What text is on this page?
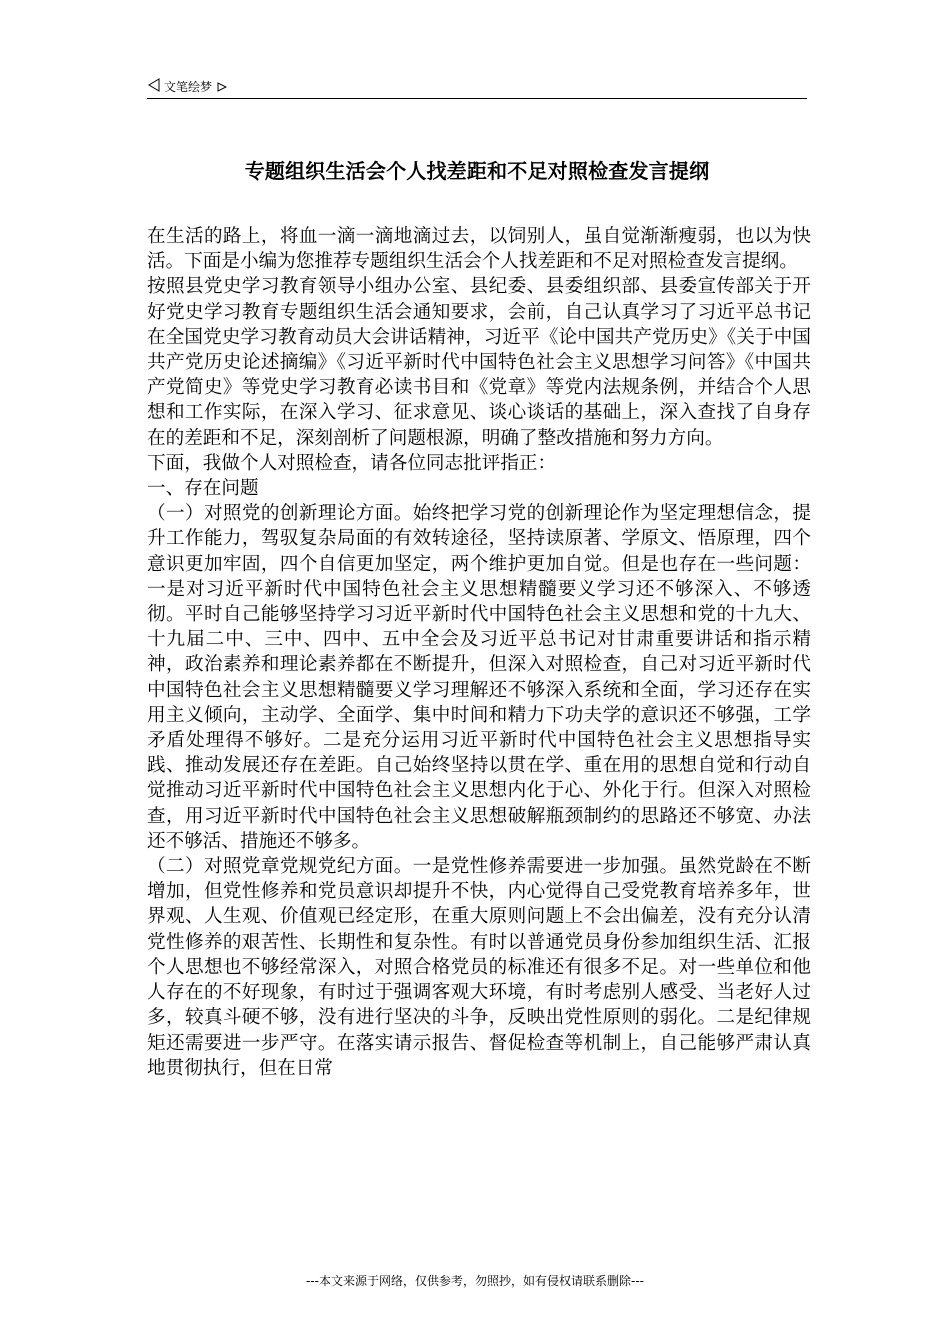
文笔绘梦
专题组织生活会个人找差距和不足对照检查发言提纲

在生活的路上，将血一滴一滴地滴过去，以饲别人，虽自觉渐渐瘦弱，也以为快活。下面是小编为您推荐专题组织生活会个人找差距和不足对照检查发言提纲。

按照县党史学习教育领导小组办公室、县纪委、县委组织部、县委宣传部关于开好党史学习教育专题组织生活会通知要求，会前，自己认真学习了习近平总书记在全国党史学习教育动员大会讲话精神，习近平《论中国共产党历史》《关于中国共产党历史论述摘编》《习近平新时代中国特色社会主义思想学习问答》《中国共产党简史》等党史学习教育必读书目和《党章》等党内法规条例，并结合个人思想和工作实际，在深入学习、征求意见、谈心谈话的基础上，深入查找了自身存在的差距和不足，深刻剖析了问题根源，明确了整改措施和努力方向。

下面，我做个人对照检查，请各位同志批评指正：

一、存在问题

（一）对照党的创新理论方面。始终把学习党的创新理论作为坚定理想信念，提升工作能力，驾驭复杂局面的有效转途径，坚持读原著、学原文、悟原理，四个意识更加牢固，四个自信更加坚定，两个维护更加自觉。但是也存在一些问题：一是对习近平新时代中国特色社会主义思想精髓要义学习还不够深入、不够透彻。平时自己能够坚持学习习近平新时代中国特色社会主义思想和党的十九大、十九届二中、三中、四中、五中全会及习近平总书记对甘肃重要讲话和指示精神，政治素养和理论素养都在不断提升，但深入对照检查，自己对习近平新时代中国特色社会主义思想精髓要义学习理解还不够深入系统和全面，学习还存在实用主义倾向，主动学、全面学、集中时间和精力下功夫学的意识还不够强，工学矛盾处理得不够好。二是充分运用习近平新时代中国特色社会主义思想指导实践、推动发展还存在差距。自己始终坚持以贯在学、重在用的思想自觉和行动自觉推动习近平新时代中国特色社会主义思想内化于心、外化于行。但深入对照检查，用习近平新时代中国特色社会主义思想破解瓶颈制约的思路还不够宽、办法还不够活、措施还不够多。

（二）对照党章党规党纪方面。一是党性修养需要进一步加强。虽然党龄在不断增加，但党性修养和党员意识却提升不快，内心觉得自己受党教育培养多年，世界观、人生观、价值观已经定形，在重大原则问题上不会出偏差，没有充分认清党性修养的艰苦性、长期性和复杂性。有时以普通党员身份参加组织生活、汇报个人思想也不够经常深入，对照合格党员的标准还有很多不足。对一些单位和他人存在的不好现象，有时过于强调客观大环境，有时考虑别人感受、当老好人过多，较真斗硬不够，没有进行坚决的斗争，反映出党性原则的弱化。二是纪律规矩还需要进一步严守。在落实请示报告、督促检查等机制上，自己能够严肃认真地贯彻执行，但在日常

---本文来源于网络，仅供参考，勿照抄，如有侵权请联系删除---
